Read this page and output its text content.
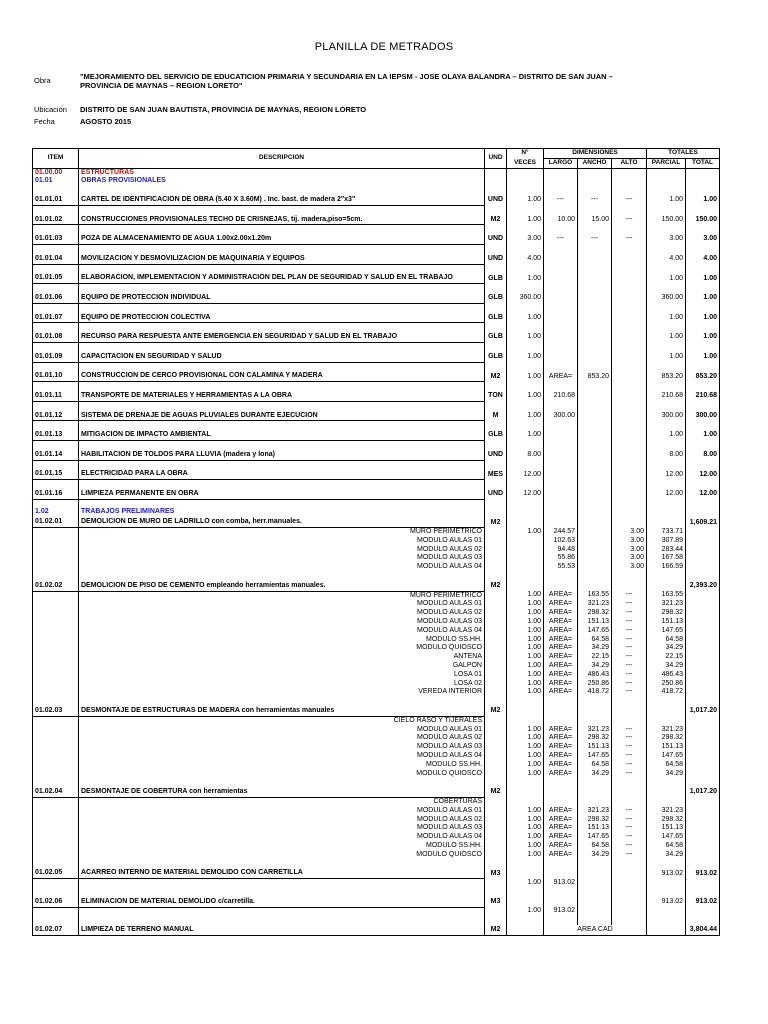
PLANILLA DE METRADOS
Obra	"MEJORAMIENTO DEL SERVICIO DE EDUCATICION PRIMARIA Y SECUNDARIA EN LA IEPSM - JOSE OLAYA BALANDRA – DISTRITO DE SAN JUAN –
PROVINCIA DE MAYNAS – REGION LORETO"
Ubicación DISTRITO DE SAN JUAN BAUTISTA, PROVINCIA DE MAYNAS, REGION LORETO
Fecha	AGOSTO 2015
ITEM	DESCRIPCION	UND	N°	DIMENSIONES			TOTALES	
			VECES	LARGO	ANCHO	ALTO	PARCIAL	TOTAL
01.00.00	ESTRUCTURAS							
01.01	OBRAS PROVISIONALES							

01.01.01	CARTEL DE IDENTIFICACION DE OBRA (5.40 X 3.60M) . Inc. bast. de madera 2"x3"	UND	1.00	---	---	---	1.00	1.00

01.01.02	CONSTRUCCIONES PROVISIONALES TECHO DE CRISNEJAS, tij. madera,piso=5cm.	M2	1.00	10.00	15.00	---	150.00	150.00

01.01.03	POZA DE ALMACENAMIENTO DE AGUA 1.00x2.00x1.20m	UND	3.00	---	---	---	3.00	3.00

01.01.04	MOVILIZACION Y DESMOVILIZACION DE MAQUINARIA Y EQUIPOS	UND	4.00				4.00	4.00

01.01.05	ELABORACIÓN, IMPLEMENTACIÓN Y ADMINISTRACIÓN DEL PLAN DE SEGURIDAD Y SALUD EN EL TRABAJO	GLB	1.00				1.00	1.00

01.01.06	EQUIPO DE PROTECCION INDIVIDUAL	GLB	360.00				360.00	1.00

01.01.07	EQUIPO DE PROTECCION COLECTIVA	GLB	1.00				1.00	1.00

01.01.08	RECURSO PARA RESPUESTA ANTE EMERGENCIA EN SEGURIDAD Y SALUD EN EL TRABAJO	GLB	1.00				1.00	1.00

01.01.09	CAPACITACION EN SEGURIDAD Y SALUD	GLB	1.00				1.00	1.00

01.01.10	CONSTRUCCION DE CERCO PROVISIONAL CON CALAMINA Y MADERA	M2	1.00	AREA=	853.20		853.20	853.20

01.01.11	TRANSPORTE DE MATERIALES Y HERRAMIENTAS A LA OBRA	TON	1.00	210.68			210.68	210.68

01.01.12	SISTEMA DE DRENAJE DE AGUAS PLUVIALES DURANTE EJECUCIÓN	M	1.00	300.00			300.00	300.00

01.01.13	MITIGACIÓN DE IMPACTO AMBIENTAL	GLB	1.00				1.00	1.00

01.01.14	HABILITACIÓN DE TOLDOS PARA LLUVIA (madera y lona)	UND	8.00				8.00	8.00

01.01.15	ELECTRICIDAD PARA LA OBRA	MES	12.00				12.00	12.00

01.01.16	LIMPIEZA PERMANENTE EN OBRA	UND	12.00				12.00	12.00

1.02	TRABAJOS PRELIMINARES							
01.02.01	DEMOLICION DE MURO DE LADRILLO con comba, herr.manuales.	M2						1,609.21
	MURO PERIMETRICO		1.00	244.57		3.00	733.71	
	MODULO AULAS 01			102.63		3.00	307.89	
	MODULO AULAS 02			94.48		3.00	283.44	
	MODULO AULAS 03			55.86		3.00	167.58	
	MODULO AULAS 04			55.53		3.00	166.59	

01.02.02	DEMOLICION DE PISO DE CEMENTO empleando herramientas manuales.	M2						2,393.20
	MURO PERIMETRICO		1.00	AREA=	163.55	---	163.55	
	MODULO AULAS 01		1.00	AREA=	321.23	---	321.23	
	MODULO AULAS 02		1.00	AREA=	298.32	---	298.32	
	MODULO AULAS 03		1.00	AREA=	151.13	---	151.13	
	MODULO AULAS 04		1.00	AREA=	147.65	---	147.65	
	MODULO SS.HH.		1.00	AREA=	64.58	---	64.58	
	MODULO QUIOSCO		1.00	AREA=	34.29	---	34.29	
	ANTENA		1.00	AREA=	22.15	---	22.15	
	GALPON		1.00	AREA=	34.29	---	34.29	
	LOSA 01		1.00	AREA=	486.43	---	486.43	
	LOSA 02		1.00	AREA=	250.86	---	250.86	
	VEREDA INTERIOR		1.00	AREA=	418.72	---	418.72	

01.02.03	DESMONTAJE DE ESTRUCTURAS DE MADERA con herramientas manuales	M2						1,017.20
	CIELO RASO Y TIJERALES							
	MODULO AULAS 01		1.00	AREA=	321.23	---	321.23	
	MODULO AULAS 02		1.00	AREA=	298.32	---	298.32	
	MODULO AULAS 03		1.00	AREA=	151.13	---	151.13	
	MODULO AULAS 04		1.00	AREA=	147.65	---	147.65	
	MODULO SS.HH.		1.00	AREA=	64.58	---	64.58	
	MODULO QUIOSCO		1.00	AREA=	34.29	---	34.29	

01.02.04	DESMONTAJE DE COBERTURA con herramientas	M2						1,017.20
	COBERTURAS							
	MODULO AULAS 01		1.00	AREA=	321.23	---	321.23	
	MODULO AULAS 02		1.00	AREA=	298.32	---	298.32	
	MODULO AULAS 03		1.00	AREA=	151.13	---	151.13	
	MODULO AULAS 04		1.00	AREA=	147.65	---	147.65	
	MODULO SS.HH.		1.00	AREA=	64.58	---	64.58	
	MODULO QUIOSCO		1.00	AREA=	34.29	---	34.29	

01.02.05	ACARREO INTERNO DE MATERIAL DEMOLIDO CON CARRETILLA	M3					913.02	913.02
			1.00	913.02				

01.02.06	ELIMINACION DE MATERIAL DEMOLIDO c/carretilla.	M3					913.02	913.02
			1.00	913.02				

01.02.07	LIMPIEZA DE TERRENO MANUAL	M2		AREA CAD				3,804.44
